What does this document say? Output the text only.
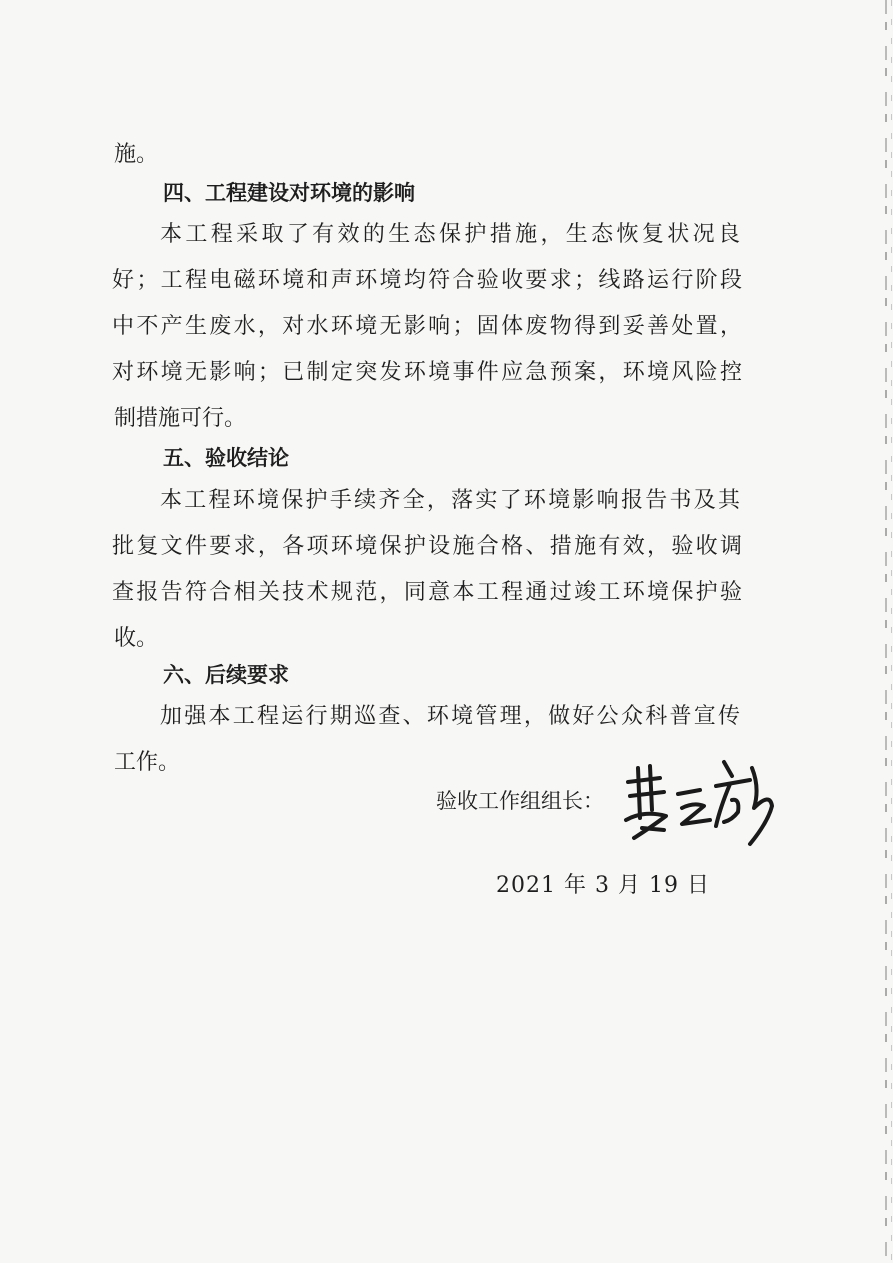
施。
四、工程建设对环境的影响
本工程采取了有效的生态保护措施，生态恢复状况良
好；工程电磁环境和声环境均符合验收要求；线路运行阶段
中不产生废水，对水环境无影响；固体废物得到妥善处置，
对环境无影响；已制定突发环境事件应急预案，环境风险控
制措施可行。
五、验收结论
本工程环境保护手续齐全，落实了环境影响报告书及其
批复文件要求，各项环境保护设施合格、措施有效，验收调
查报告符合相关技术规范，同意本工程通过竣工环境保护验
收。
六、后续要求
加强本工程运行期巡查、环境管理，做好公众科普宣传
工作。
验收工作组组长：
2021 年 3 月 19 日
